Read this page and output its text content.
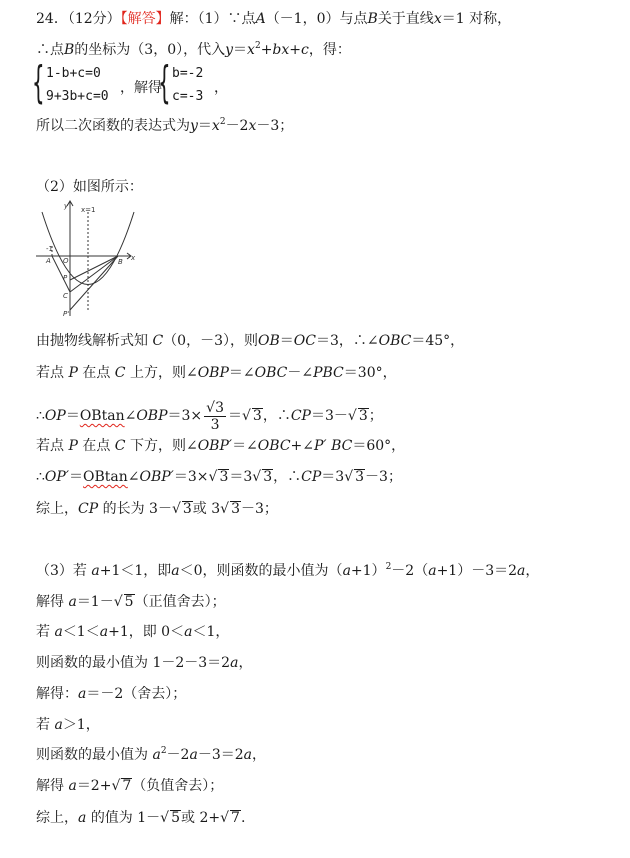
24．（12分）【解答】解：（1）∵点A（－1，0）与点B关于直线x＝1 对称，
∴点B的坐标为（3，0），代入$y=x^2+bx+c$，得：
{ 1-b+c=0
9+3b+c=0
，解得
{ b=-2
c=-3
，
所以二次函数的表达式为$y=x^2-2x-3$；
（2）如图所示：
y x=1
x
-1
A O	B
P
C
P'
由抛物线解析式知 C（0，－3），则OB＝OC＝3，∴∠OBC＝45°，
若点 P 在点 C 上方，则∠OBP＝∠OBC－∠PBC＝30°，
∴OP＝OBtan∠OBP＝3× $\frac{√3}{3}$ ＝√ 3，∴CP＝3－√ 3；
若点 P 在点 C 下方，则∠OBP′＝∠OBC+∠P′ BC＝60°，
∴OP′＝OBtan∠OBP′＝3×√ 3＝3√ 3，∴CP＝3√ 3－3；
综上，CP 的长为 3－√ 3或 3√ 3－3；
（3）若 a+1＜1，即a＜0，则函数的最小值为$(a+1)^2-2(a+1)-3=2a$，
解得 a＝1－√ 5（正值舍去）；
若 a＜1＜a+1，即 0＜a＜1，
则函数的最小值为 1－2－3＝2a，
解得：a＝－2（舍去）；
若 a＞1，
则函数的最小值为 $a^2-2a-3=2a$，
解得 a＝2+√ 7（负值舍去）；
综上，a 的值为 1－√ 5或 2+√ 7.
